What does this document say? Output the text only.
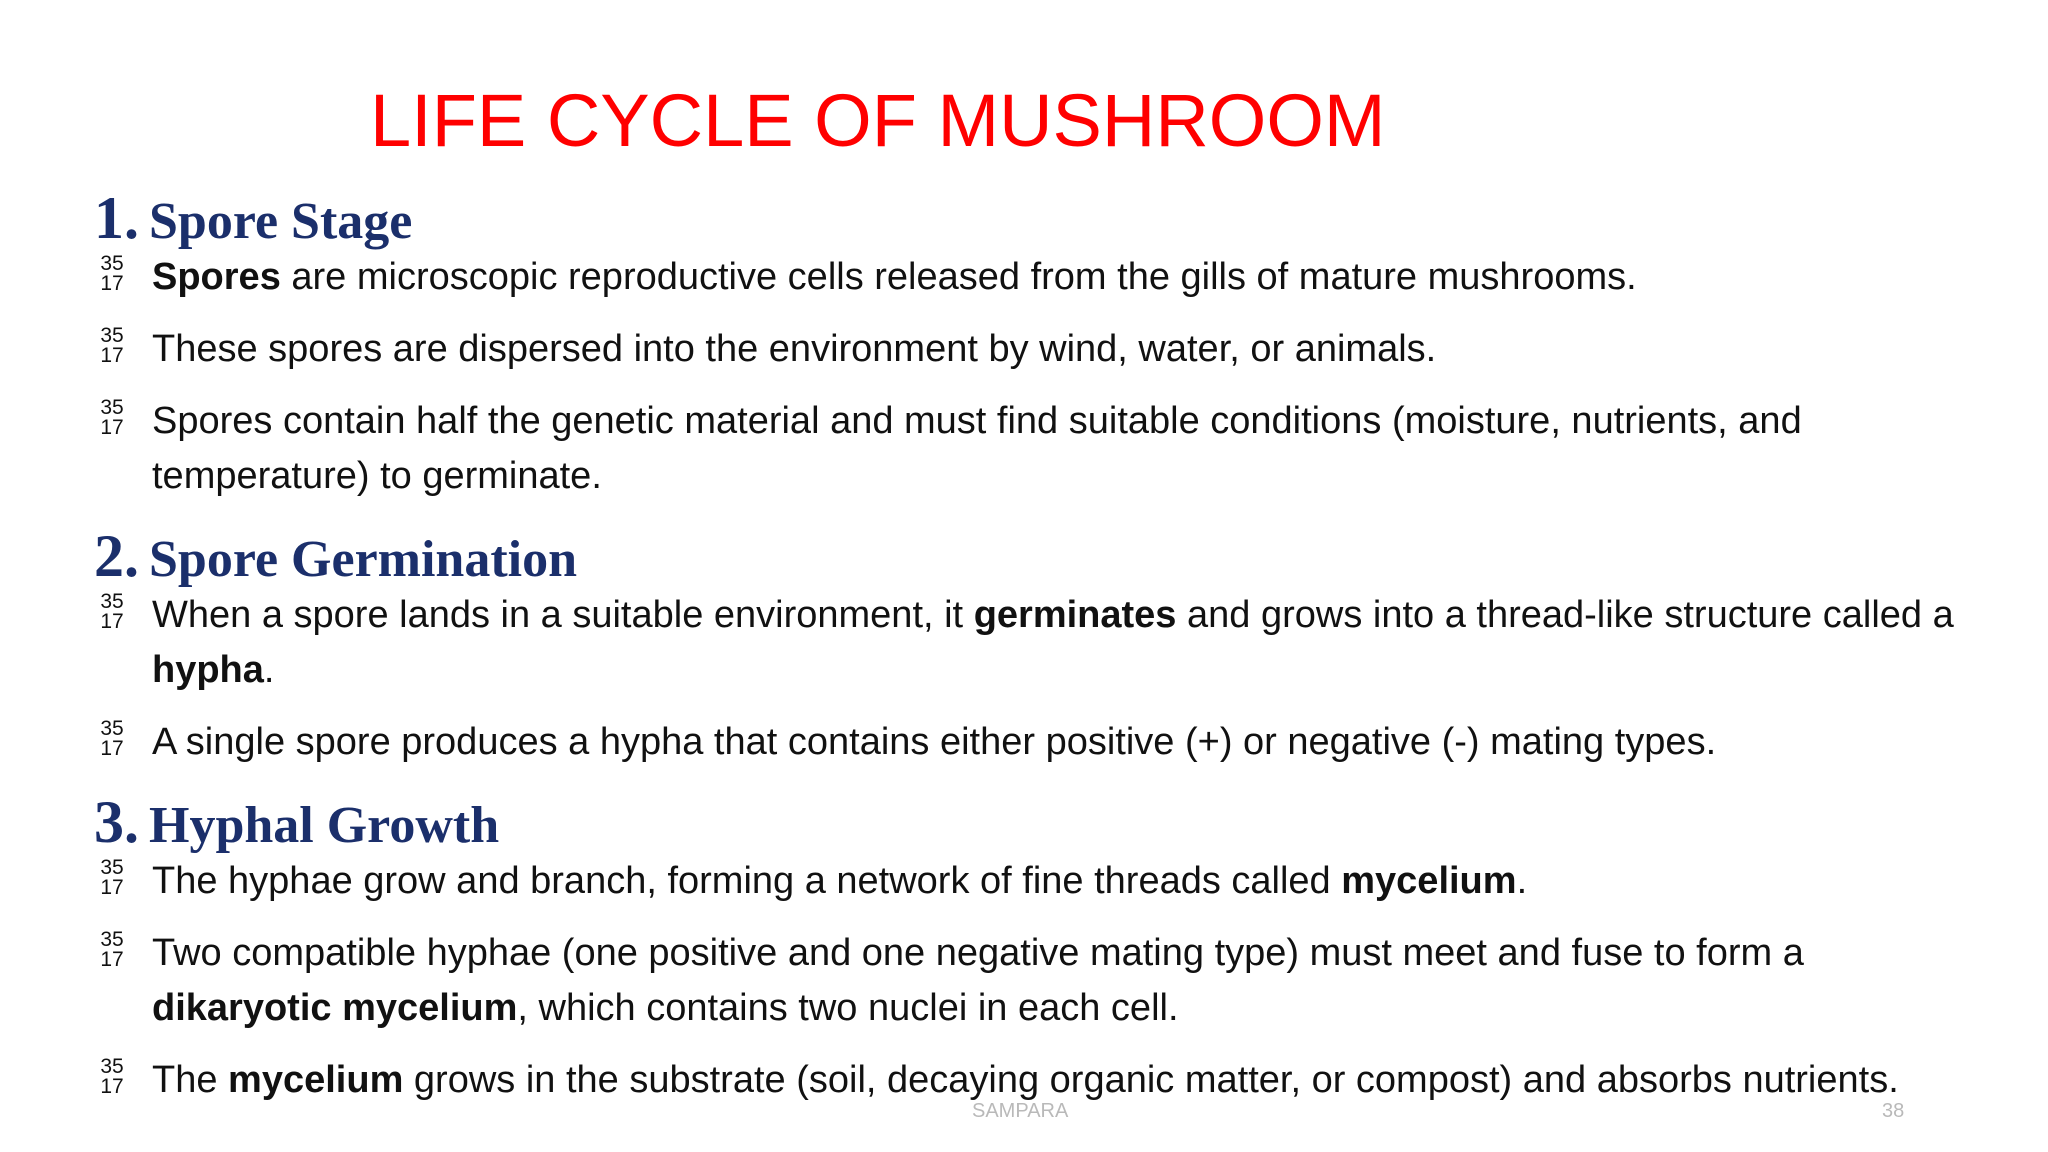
LIFE CYCLE OF MUSHROOM
1. Spore Stage
35
17 Spores are microscopic reproductive cells released from the gills of mature mushrooms.
35
17 These spores are dispersed into the environment by wind, water, or animals.
35
17 Spores contain half the genetic material and must find suitable conditions (moisture, nutrients, and temperature) to germinate.
2. Spore Germination
35
17 When a spore lands in a suitable environment, it germinates and grows into a thread-like structure called a hypha.
35
17 A single spore produces a hypha that contains either positive (+) or negative (-) mating types.
3. Hyphal Growth
35
17 The hyphae grow and branch, forming a network of fine threads called mycelium.
35
17 Two compatible hyphae (one positive and one negative mating type) must meet and fuse to form a dikaryotic mycelium, which contains two nuclei in each cell.
35
17 The mycelium grows in the substrate (soil, decaying organic matter, or compost) and absorbs nutrients.
SAMPARA	38
